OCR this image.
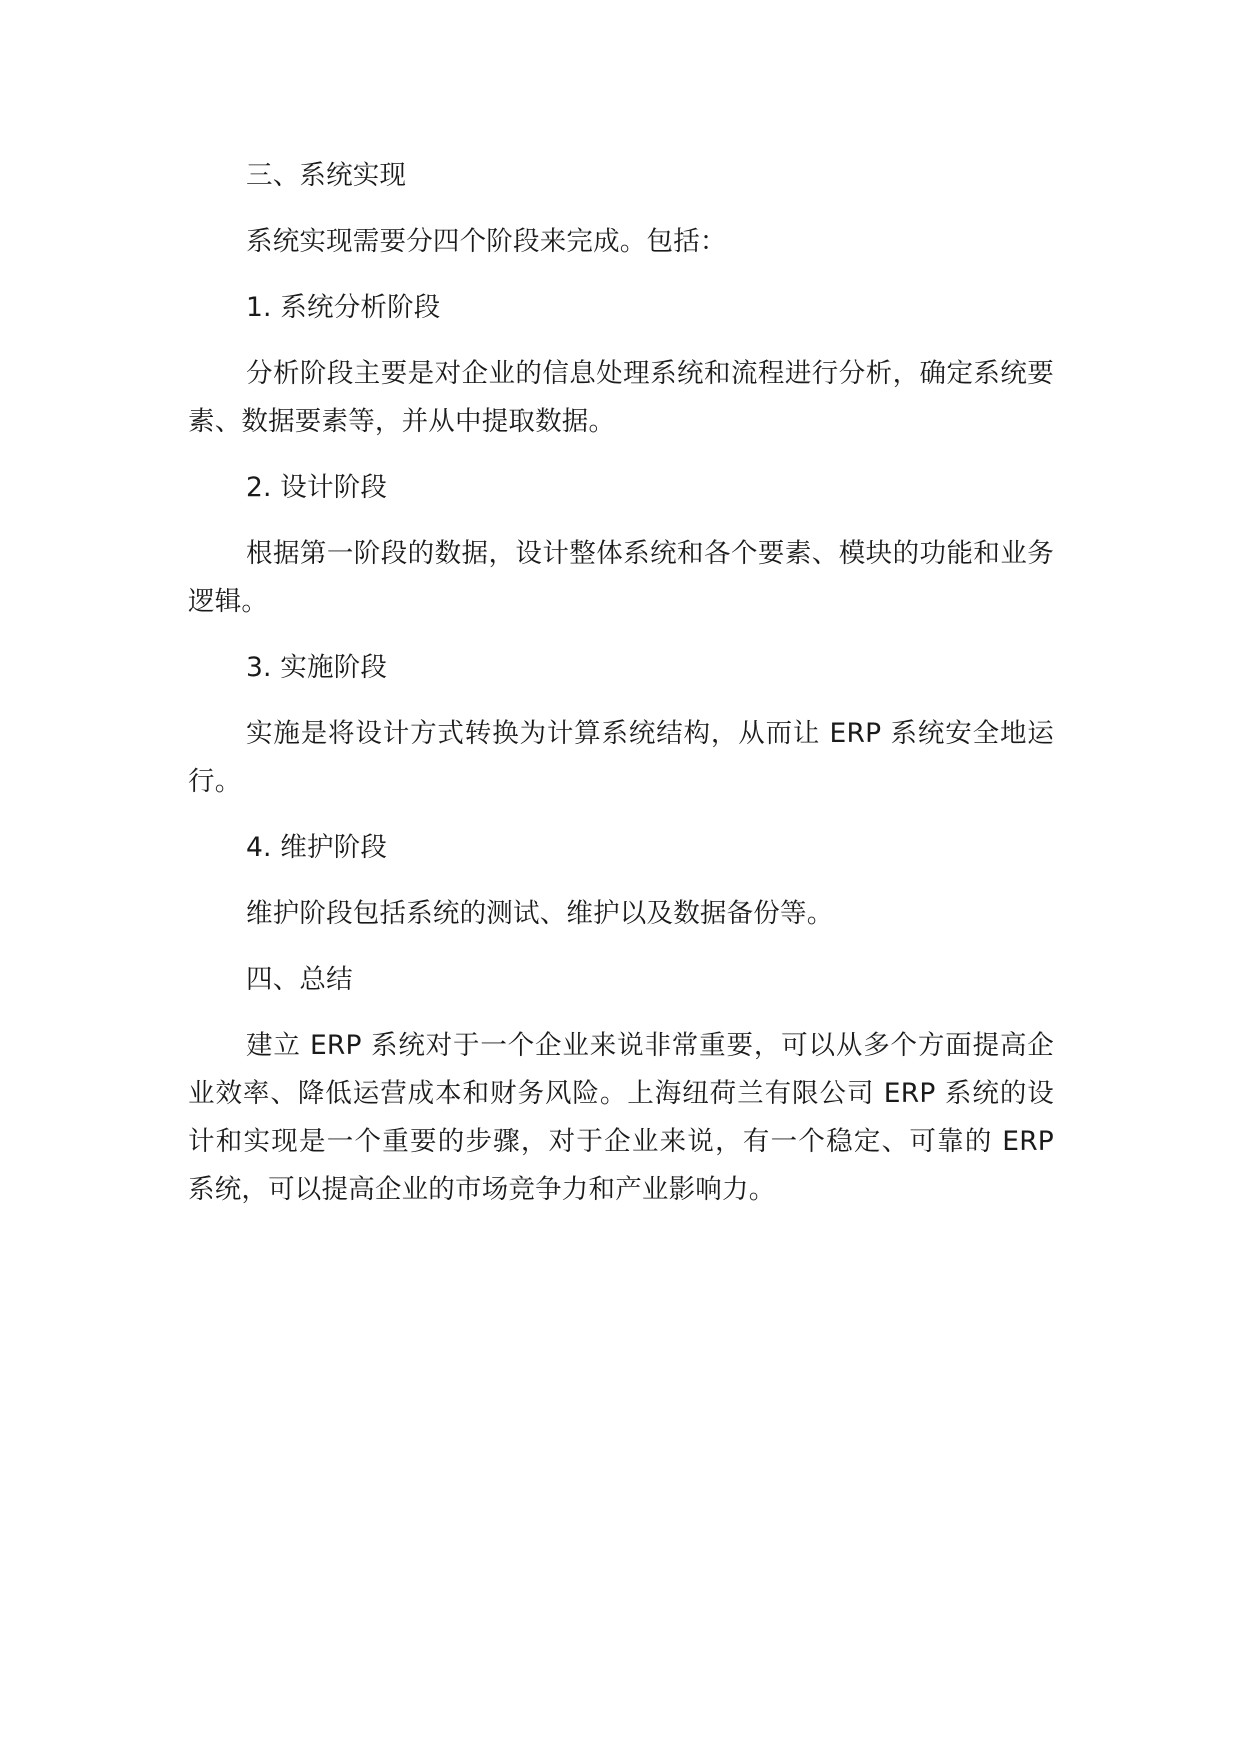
三、系统实现

系统实现需要分四个阶段来完成。包括：

1. 系统分析阶段

分析阶段主要是对企业的信息处理系统和流程进行分析，确定系统要素、数据要素等，并从中提取数据。

2. 设计阶段

根据第一阶段的数据，设计整体系统和各个要素、模块的功能和业务逻辑。

3. 实施阶段

实施是将设计方式转换为计算系统结构，从而让 ERP 系统安全地运行。

4. 维护阶段

维护阶段包括系统的测试、维护以及数据备份等。

四、总结

建立 ERP 系统对于一个企业来说非常重要，可以从多个方面提高企业效率、降低运营成本和财务风险。上海纽荷兰有限公司 ERP 系统的设计和实现是一个重要的步骤，对于企业来说，有一个稳定、可靠的 ERP 系统，可以提高企业的市场竞争力和产业影响力。
